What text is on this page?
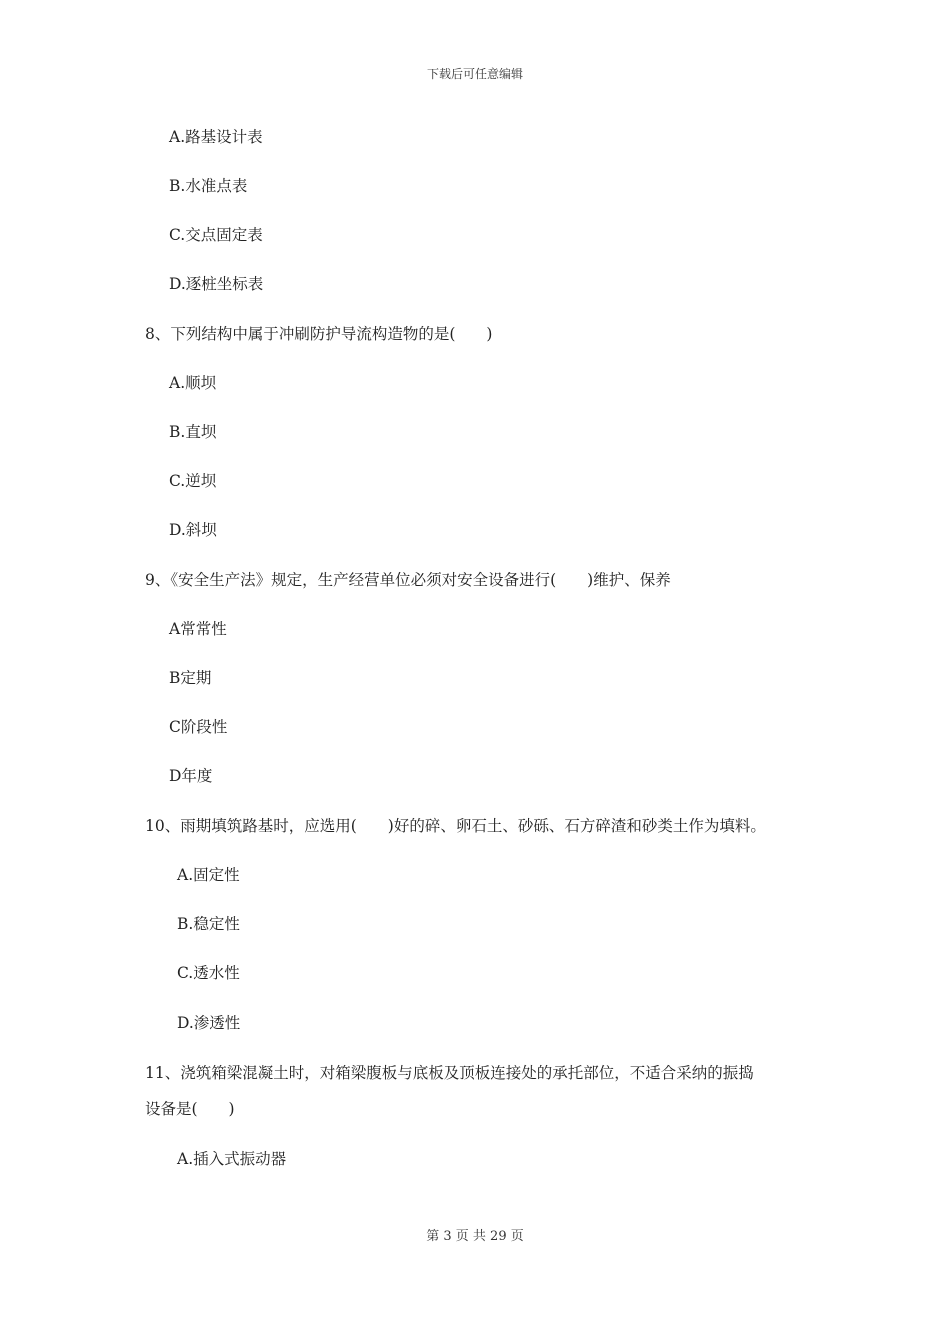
下载后可任意编辑
A.路基设计表
B.水准点表
C.交点固定表
D.逐桩坐标表
8、下列结构中属于冲刷防护导流构造物的是(　　)
A.顺坝
B.直坝
C.逆坝
D.斜坝
9、《安全生产法》规定，生产经营单位必须对安全设备进行(　　)维护、保养
A常常性
B定期
C阶段性
D年度
10、雨期填筑路基时，应选用(　　)好的碎、卵石土、砂砾、石方碎渣和砂类土作为填料。
A.固定性
B.稳定性
C.透水性
D.渗透性
11、浇筑箱梁混凝土时，对箱梁腹板与底板及顶板连接处的承托部位，不适合采纳的振捣
设备是(　　)
A.插入式振动器
第 3 页 共 29 页
